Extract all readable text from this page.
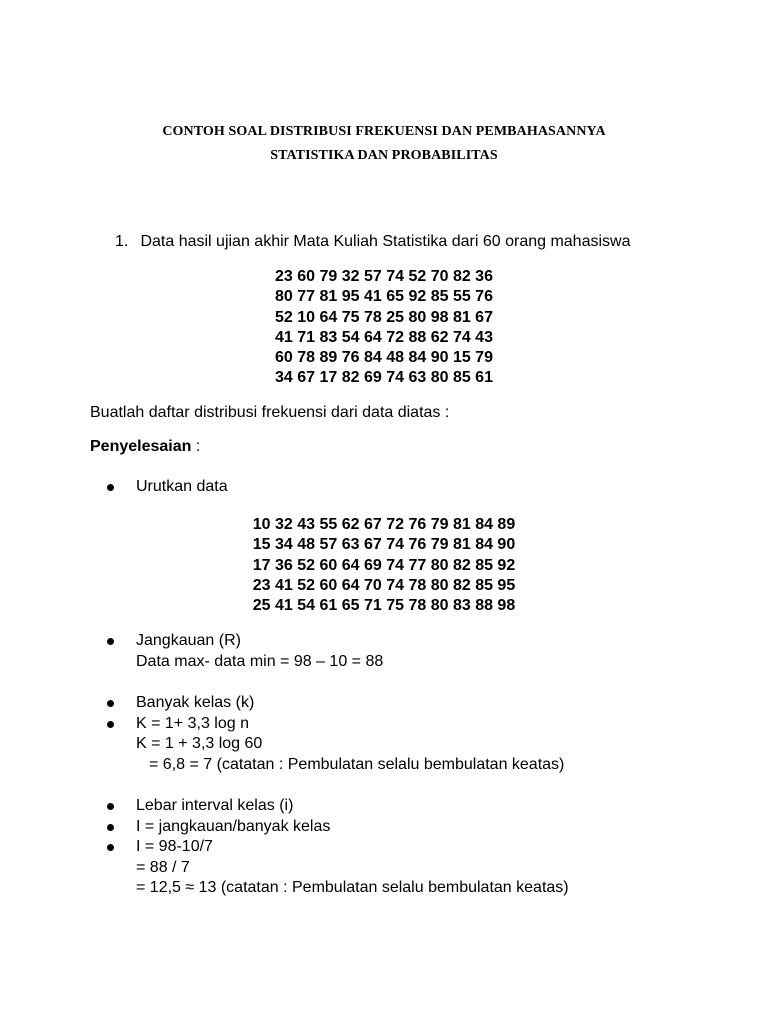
CONTOH SOAL DISTRIBUSI FREKUENSI DAN PEMBAHASANNYA
STATISTIKA DAN PROBABILITAS
1. Data hasil ujian akhir Mata Kuliah Statistika dari 60 orang mahasiswa
23 60 79 32 57 74 52 70 82 36
80 77 81 95 41 65 92 85 55 76
52 10 64 75 78 25 80 98 81 67
41 71 83 54 64 72 88 62 74 43
60 78 89 76 84 48 84 90 15 79
34 67 17 82 69 74 63 80 85 61
Buatlah daftar distribusi frekuensi dari data diatas :
Penyelesaian :
Urutkan data
10 32 43 55 62 67 72 76 79 81 84 89
15 34 48 57 63 67 74 76 79 81 84 90
17 36 52 60 64 69 74 77 80 82 85 92
23 41 52 60 64 70 74 78 80 82 85 95
25 41 54 61 65 71 75 78 80 83 88 98
Jangkauan (R)
Data max- data min = 98 – 10 = 88
Banyak kelas (k)
K = 1+ 3,3 log n
K = 1 + 3,3 log 60
= 6,8 = 7 (catatan : Pembulatan selalu bembulatan keatas)
Lebar interval kelas (i)
I = jangkauan/banyak kelas
I = 98-10/7
= 88 / 7
= 12,5 ≈ 13 (catatan : Pembulatan selalu bembulatan keatas)
